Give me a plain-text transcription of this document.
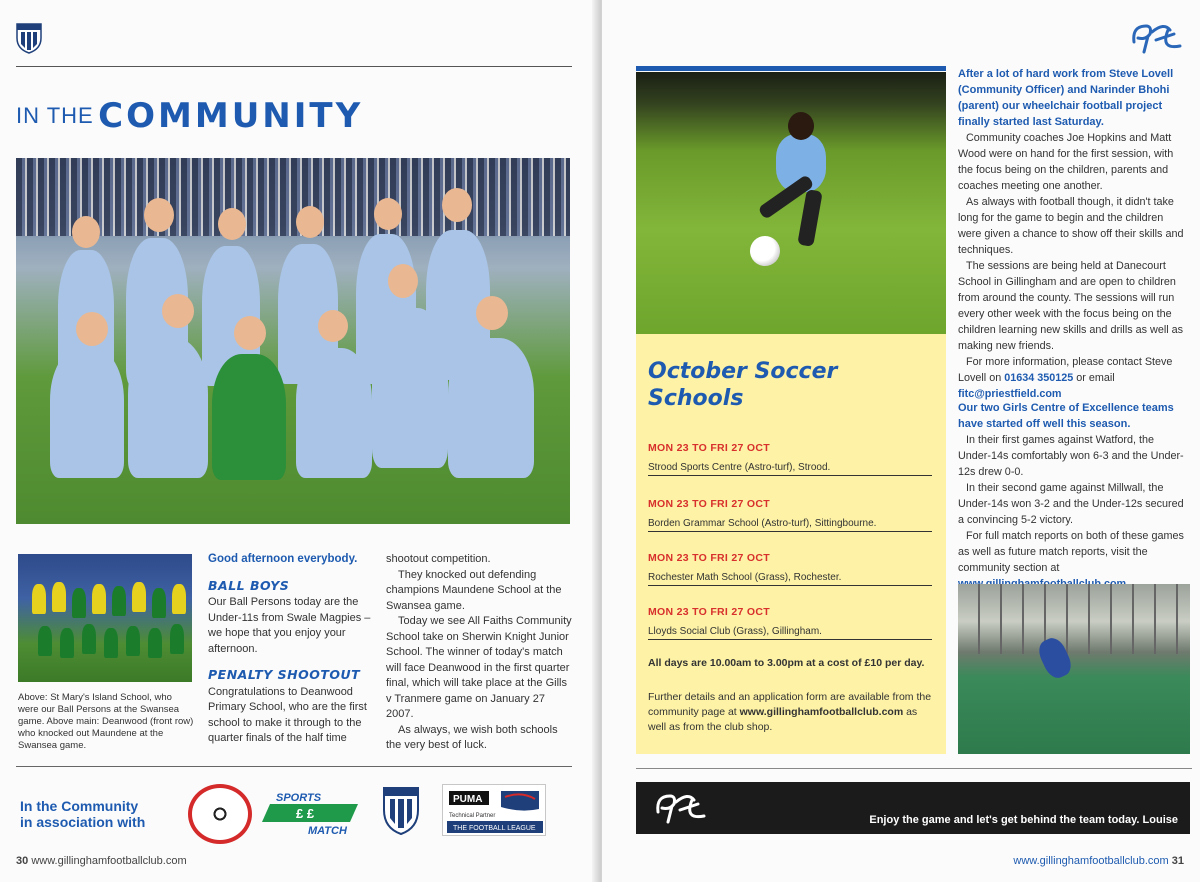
IN THE COMMUNITY
Above: St Mary's Island School, who were our Ball Persons at the Swansea game. Above main: Deanwood (front row) who knocked out Maundene at the Swansea game.
Good afternoon everybody.
BALL BOYS
Our Ball Persons today are the Under-11s from Swale Magpies – we hope that you enjoy your afternoon.
PENALTY SHOOTOUT
Congratulations to Deanwood Primary School, who are the first school to make it through to the quarter finals of the half time
shootout competition.
They knocked out defending champions Maundene School at the Swansea game.
Today we see All Faiths Community School take on Sherwin Knight Junior School. The winner of today's match will face Deanwood in the first quarter final, which will take place at the Gills v Tranmere game on January 27 2007.
As always, we wish both schools the very best of luck.
In the Community
in association with
SPORTS
£ £
MATCH
PUMA
Technical Partner
THE FOOTBALL LEAGUE
30 www.gillinghamfootballclub.com
October Soccer Schools
MON 23 TO FRI 27 OCT
Strood Sports Centre (Astro-turf), Strood.
MON 23 TO FRI 27 OCT
Borden Grammar School (Astro-turf), Sittingbourne.
MON 23 TO FRI 27 OCT
Rochester Math School (Grass), Rochester.
MON 23 TO FRI 27 OCT
Lloyds Social Club (Grass), Gillingham.
All days are 10.00am to 3.00pm at a cost of £10 per day.
Further details and an application form are available from the community page at www.gillinghamfootballclub.com as well as from the club shop.
After a lot of hard work from Steve Lovell (Community Officer) and Narinder Bhohi (parent) our wheelchair football project finally started last Saturday.

Community coaches Joe Hopkins and Matt Wood were on hand for the first session, with the focus being on the children, parents and coaches meeting one another.

As always with football though, it didn't take long for the game to begin and the children were given a chance to show off their skills and techniques.

The sessions are being held at Danecourt School in Gillingham and are open to children from around the county. The sessions will run every other week with the focus being on the children learning new skills and drills as well as making new friends.

For more information, please contact Steve Lovell on 01634 350125 or email fitc@priestfield.com

Our two Girls Centre of Excellence teams have started off well this season.

In their first games against Watford, the Under-14s comfortably won 6-3 and the Under-12s drew 0-0.

In their second game against Millwall, the Under-14s won 3-2 and the Under-12s secured a convincing 5-2 victory.

For full match reports on both of these games as well as future match reports, visit the community section at

Enjoy the game and let's get behind the team today. Louise
www.gillinghamfootballclub.com 31
